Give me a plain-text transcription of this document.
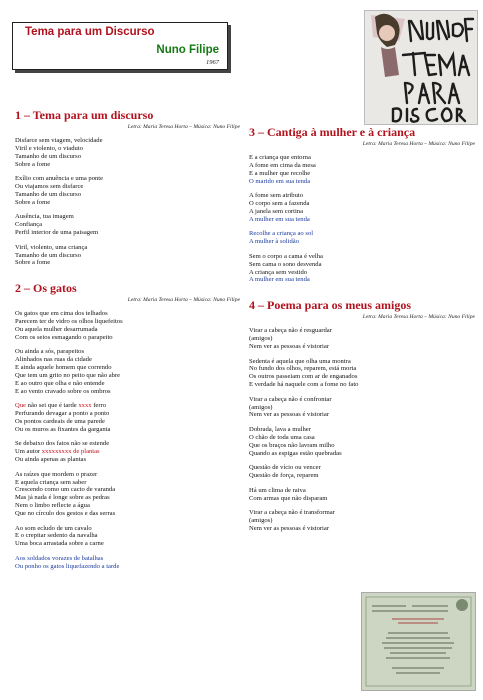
Tema para um Discurso
Nuno Filipe
1967
1 – Tema para um discurso
Letra: Maria Teresa Horta – Música: Nuno Filipe
Disfarce sem viagem, velocidade
Viril e violento, o viaduto
Tamanho de um discurso
Sobre a fome
Exílio com anuência e uma ponte
Ou viajamos sem disfarce
Tamanho de um discurso
Sobre a fome
Ausência, tua imagem
Confiança
Perfil interior de uma paisagem
Viril, violento, uma criança
Tamanho de um discurso
Sobre a fome
2 – Os gatos
Letra: Maria Teresa Horta – Música: Nuno Filipe
Os gatos que em cima dos telhados
Parecem ter de vidro os olhos liquefeitos
Ou aquela mulher desarrumada
Com os seios esmagando o parapeito
Ou ainda a sós, parapeitos
Alinhados nas ruas da cidade
E ainda aquele homem que correndo
Que tem um grito no peito que não abre
E ao outro que olha e não entende
E ao vento cravado sobre os ombros
Que não sei que é tarde xxxx ferro
Perfurando devagar a ponto a ponto
Os pontos cardeais de uma parede
Ou os muros as fixantes da garganta
Se debaixo dos fatos não se estende
Um autor xxxxxxxxx de plantas
Ou ainda apenas as plantas
As raízes que mordem o prazer
E aquela criança sem saber
Crescendo como um cacto de varanda
Mas já nada é longe sobre as pedras
Nem o limbo reflecte a água
Que no círculo dos gestos e das serras
Ao som ecludo de um cavalo
E o crepitar sedento da navalha
Uma boca arrastada sobre a carne
Aos soldados vorazes de batalhas
Ou ponho os gatos liquefazendo a tarde
3 – Cantiga à mulher e à criança
Letra: Maria Teresa Horta – Música: Nuno Filipe
E a criança que entorna
A fome em cima da mesa
E a mulher que recolhe
O marido em sua tenda
A fome sem atributo
O corpo sem a fazenda
A janela sem cortina
A mulher em sua tenda
Recolhe a criança ao sol
A mulher à solidão
Sem o corpo a cama é velha
Sem cama o sono desvenda
A criança sem vestido
A mulher em sua tenda
4 – Poema para os meus amigos
Letra: Maria Teresa Horta – Música: Nuno Filipe
Virar a cabeça não é resguardar
(amigos)
Nem ver as pessoas é vistoriar
Sedenta é aquela que olha uma montra
No fundo dos olhos, reparem, está morta
Os outros passeiam com ar de enganados
E verdade há naquele com a fome no fato
Virar a cabeça não é confrontar
(amigos)
Nem ver as pessoas é vistoriar
Dobrada, lava a mulher
O chão de toda uma casa
Que os braços não lavram milho
Quando as espigas estão quebradas
Questão de vício ou vencer
Questão de força, reparem
Há um clima de raiva
Com armas que não disparam
Virar a cabeça não é transformar
(amigos)
Nem ver as pessoas é vistoriar
